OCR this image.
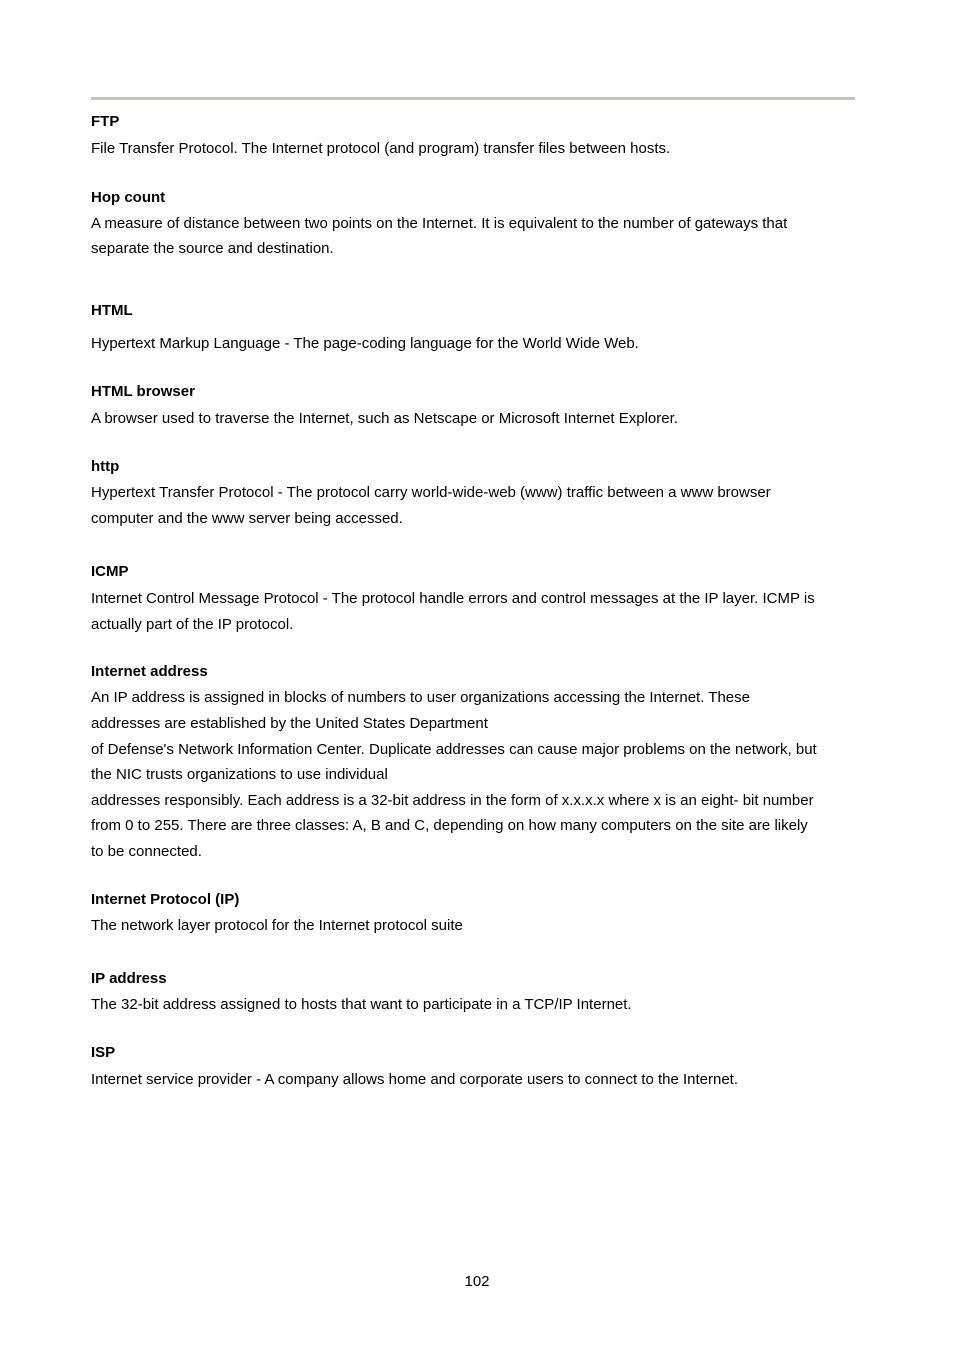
FTP

File Transfer Protocol. The Internet protocol (and program) transfer files between hosts.

Hop count

A measure of distance between two points on the Internet. It is equivalent to the number of gateways that
separate the source and destination.

HTML

Hypertext Markup Language - The page-coding language for the World Wide Web.

HTML browser

A browser used to traverse the Internet, such as Netscape or Microsoft Internet Explorer.

http

Hypertext Transfer Protocol - The protocol carry world-wide-web (www) traffic between a www browser
computer and the www server being accessed.

ICMP

Internet Control Message Protocol - The protocol handle errors and control messages at the IP layer. ICMP is
actually part of the IP protocol.

Internet address

An IP address is assigned in blocks of numbers to user organizations accessing the Internet. These
addresses are established by the United States Department
of Defense's Network Information Center. Duplicate addresses can cause major problems on the network, but
the NIC trusts organizations to use individual
addresses responsibly. Each address is a 32-bit address in the form of x.x.x.x where x is an eight- bit number
from 0 to 255. There are three classes: A, B and C, depending on how many computers on the site are likely
to be connected.

Internet Protocol (IP)

The network layer protocol for the Internet protocol suite

IP address

The 32-bit address assigned to hosts that want to participate in a TCP/IP Internet.

ISP

Internet service provider - A company allows home and corporate users to connect to the Internet.

102
